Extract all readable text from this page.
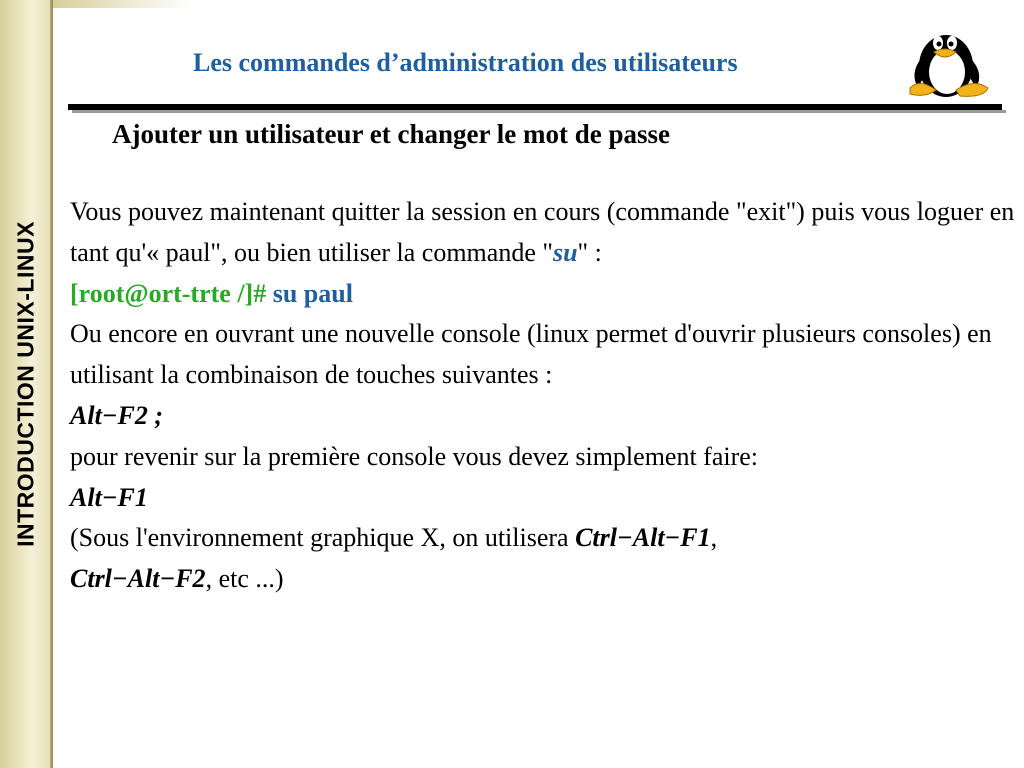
INTRODUCTION UNIX-LINUX
Les commandes d’administration des utilisateurs
Ajouter un utilisateur et changer le mot de passe

Vous pouvez maintenant quitter la session en cours (commande "exit") puis vous loguer en tant qu'« paul", ou bien utiliser la commande "su" :

[root@ort-trte /]# su paul

Ou encore en ouvrant une nouvelle console (linux permet d'ouvrir plusieurs consoles) en utilisant la combinaison de touches suivantes :

Alt−F2 ;

pour revenir sur la première console vous devez simplement faire:

Alt−F1

(Sous l'environnement graphique X, on utilisera Ctrl−Alt−F1,
Ctrl−Alt−F2, etc ...)
